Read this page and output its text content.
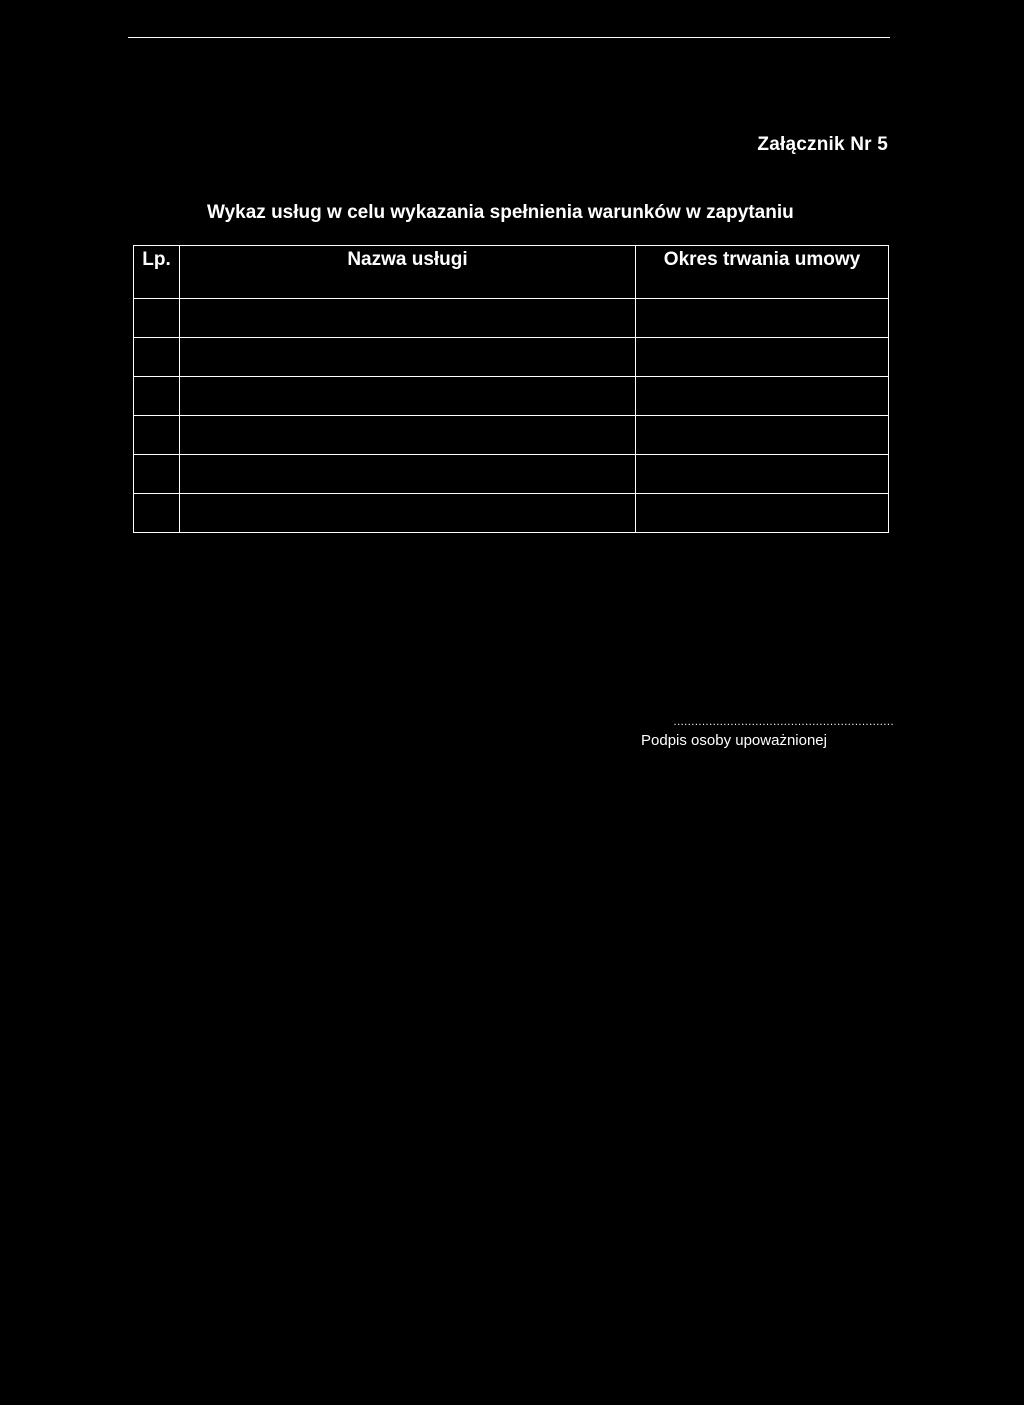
Załącznik Nr 5
Wykaz usług w celu wykazania spełnienia warunków w zapytaniu
Lp.	Nazwa usługi	Okres trwania umowy

..............................................................
Podpis osoby upoważnionej
